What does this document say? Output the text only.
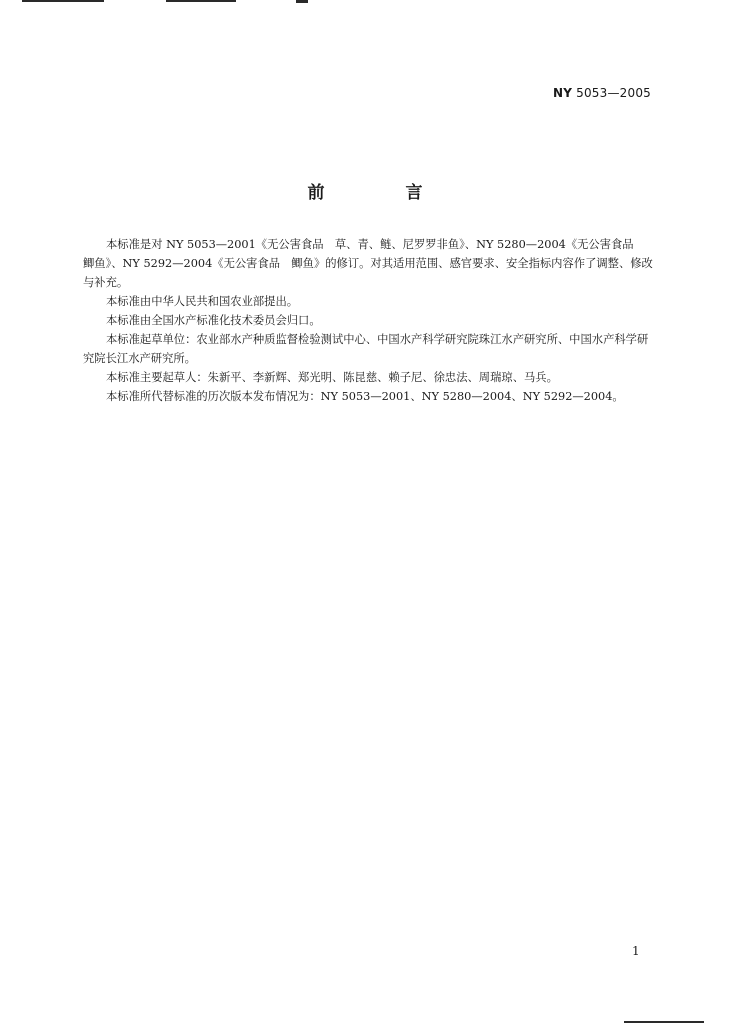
NY 5053—2005
前　言

本标准是对 NY 5053—2001《无公害食品　草、青、鲢、尼罗罗非鱼》、NY 5280—2004《无公害食品　鲫鱼》、NY 5292—2004《无公害食品　鲫鱼》的修订。对其适用范围、感官要求、安全指标内容作了调整、修改与补充。

本标准由中华人民共和国农业部提出。

本标准由全国水产标准化技术委员会归口。

本标准起草单位：农业部水产种质监督检验测试中心、中国水产科学研究院珠江水产研究所、中国水产科学研究院长江水产研究所。

本标准主要起草人：朱新平、李新辉、郑光明、陈昆慈、赖子尼、徐忠法、周瑞琼、马兵。

本标准所代替标准的历次版本发布情况为：NY 5053—2001、NY 5280—2004、NY 5292—2004。

1
